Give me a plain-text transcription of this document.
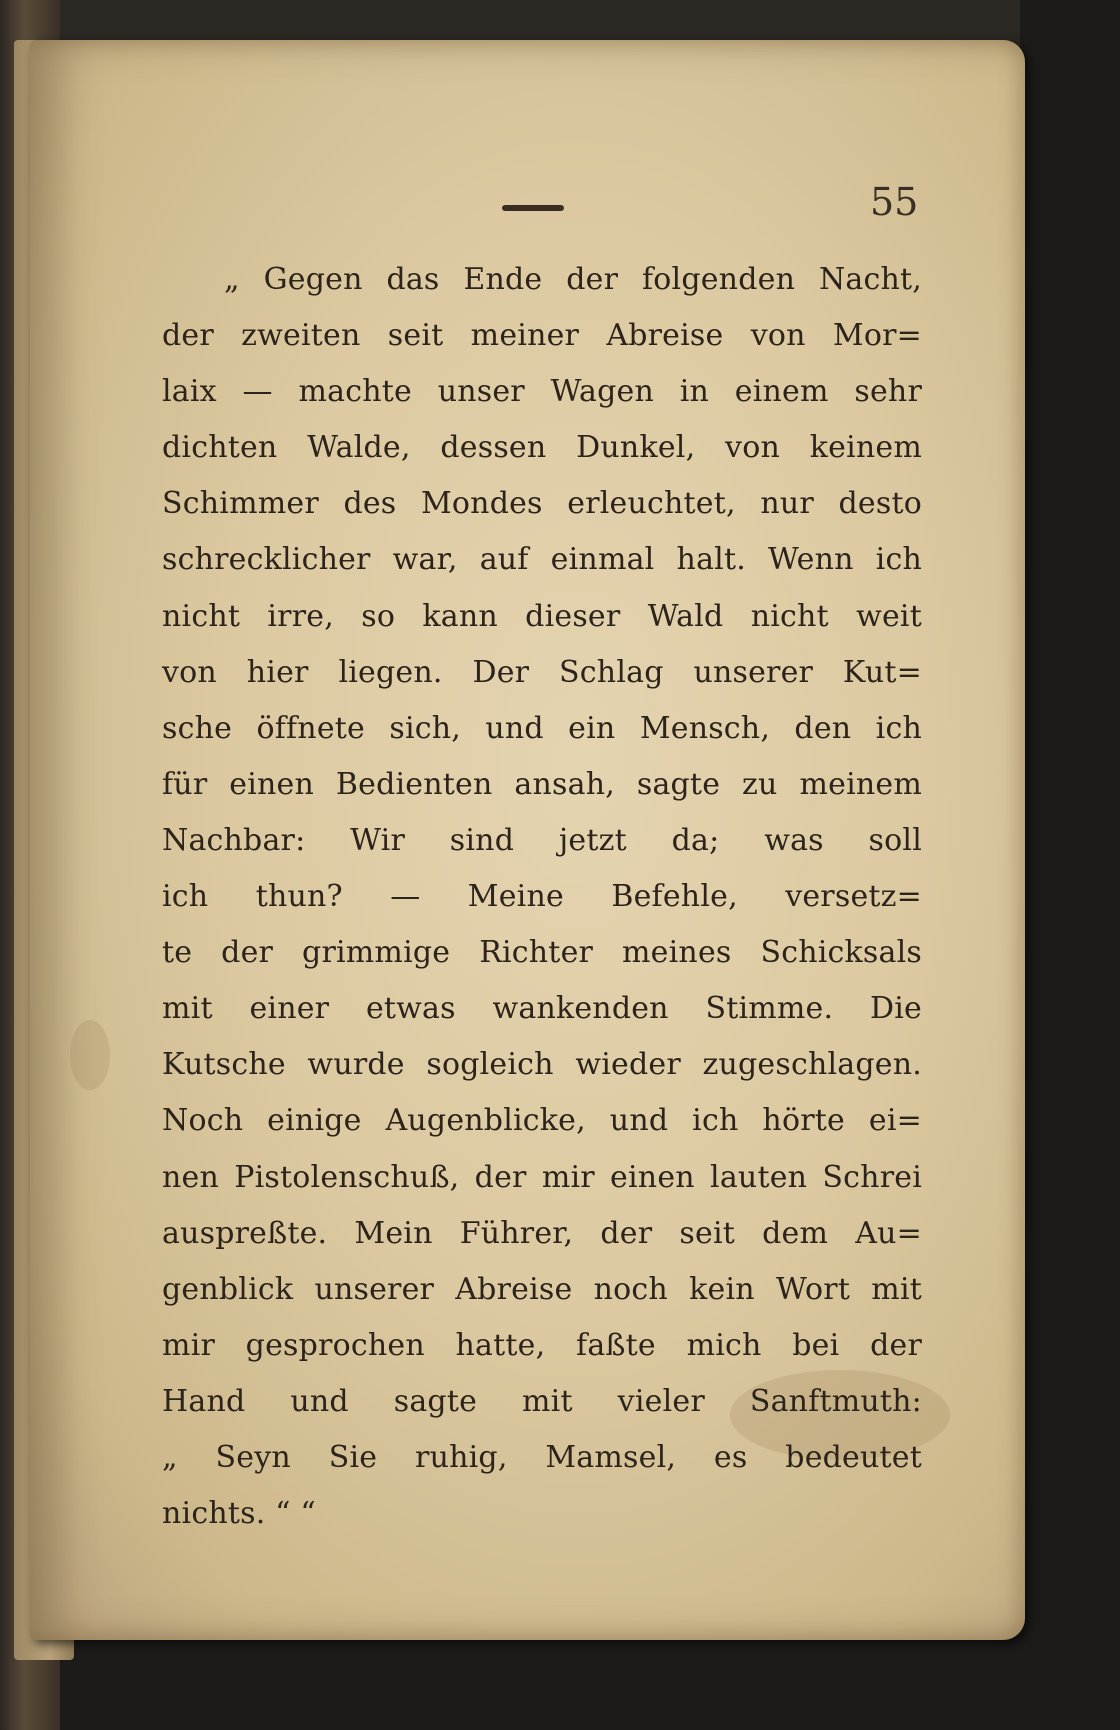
55
„ Gegen das Ende der folgenden Nacht,
der zweiten seit meiner Abreise von Mor=
laix — machte unser Wagen in einem sehr
dichten Walde, dessen Dunkel, von keinem
Schimmer des Mondes erleuchtet, nur desto
schrecklicher war, auf einmal halt. Wenn ich
nicht irre, so kann dieser Wald nicht weit
von hier liegen. Der Schlag unserer Kut=
sche öffnete sich, und ein Mensch, den ich
für einen Bedienten ansah, sagte zu meinem
Nachbar: Wir sind jetzt da; was soll
ich thun? — Meine Befehle, versetz=
te der grimmige Richter meines Schicksals
mit einer etwas wankenden Stimme. Die
Kutsche wurde sogleich wieder zugeschlagen.
Noch einige Augenblicke, und ich hörte ei=
nen Pistolenschuß, der mir einen lauten Schrei
auspreßte. Mein Führer, der seit dem Au=
genblick unserer Abreise noch kein Wort mit
mir gesprochen hatte, faßte mich bei der
Hand und sagte mit vieler Sanftmuth:
„ Seyn Sie ruhig, Mamsel, es bedeutet
nichts. “ “
